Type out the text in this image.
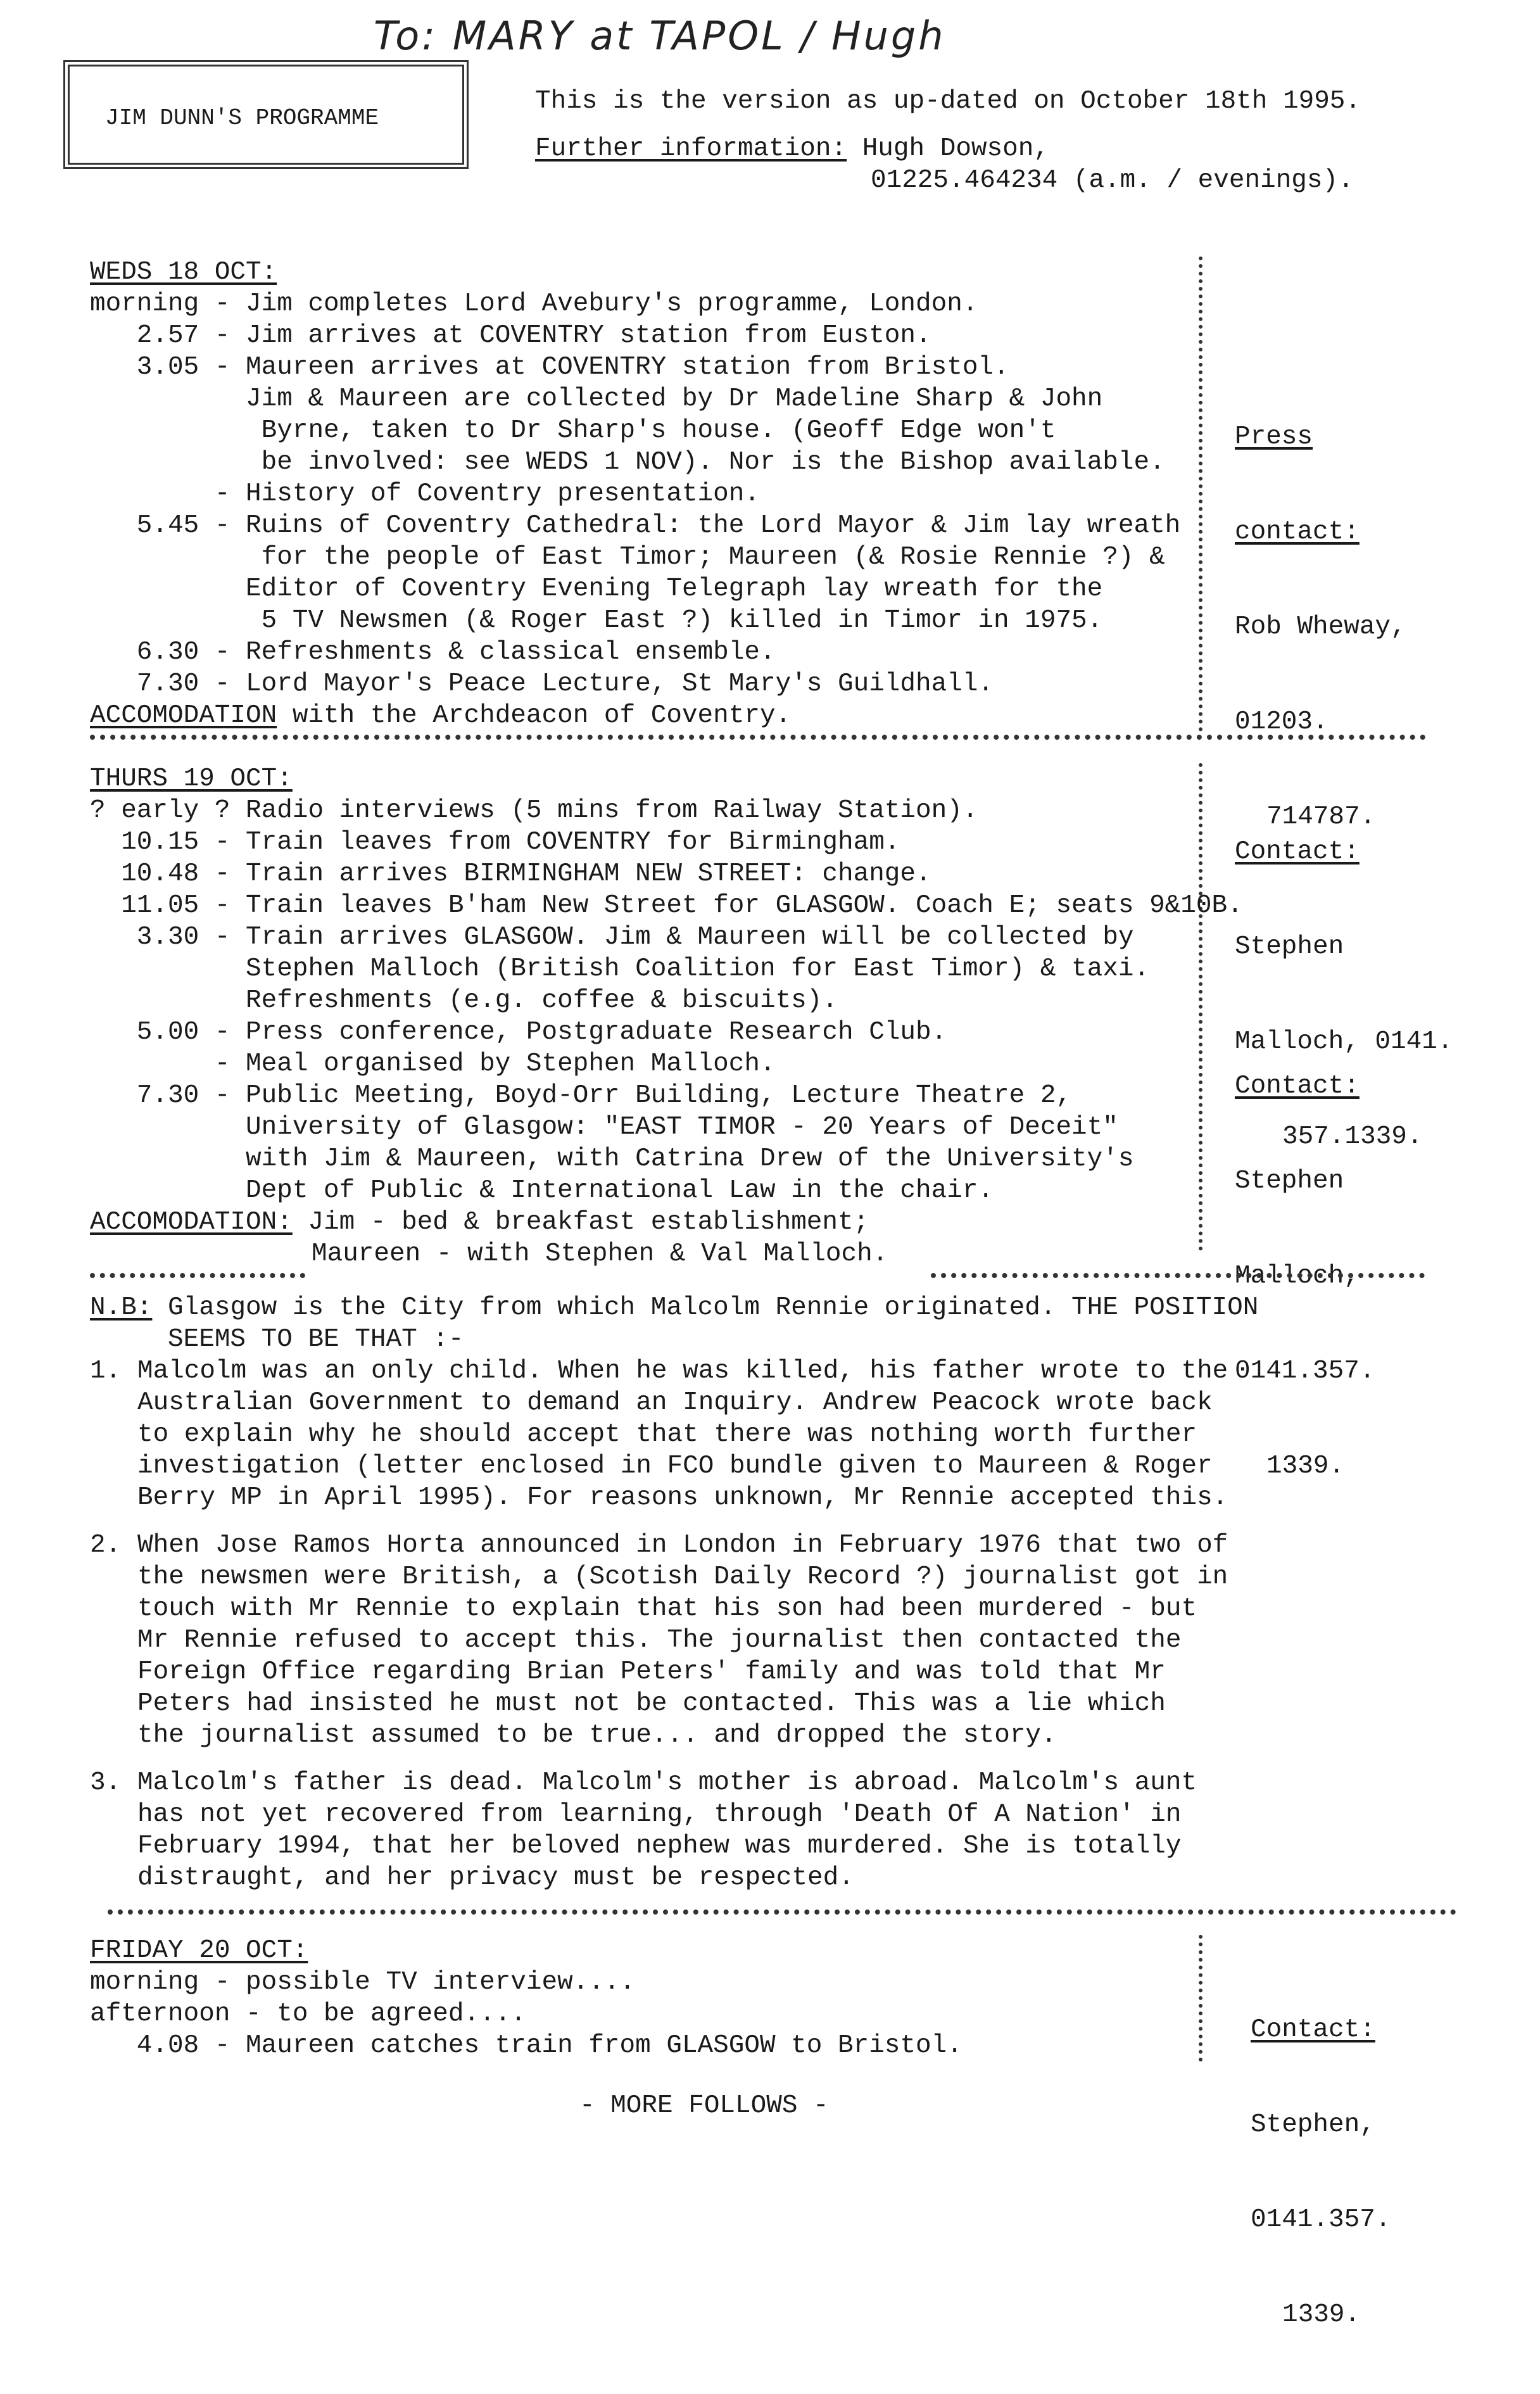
To: MARY at TAPOL / Hugh
JIM DUNN'S PROGRAMME
This is the version as up-dated on October 18th 1995.
Further information: Hugh Dowson,
01225.464234 (a.m. / evenings).
WEDS 18 OCT:
morning - Jim completes Lord Avebury's programme, London.
2.57 - Jim arrives at COVENTRY station from Euston.
3.05 - Maureen arrives at COVENTRY station from Bristol.
Jim & Maureen are collected by Dr Madeline Sharp & John
Byrne, taken to Dr Sharp's house. (Geoff Edge won't
be involved: see WEDS 1 NOV). Nor is the Bishop available.
- History of Coventry presentation.
5.45 - Ruins of Coventry Cathedral: the Lord Mayor & Jim lay wreath
for the people of East Timor; Maureen (& Rosie Rennie ?) &
Editor of Coventry Evening Telegraph lay wreath for the
5 TV Newsmen (& Roger East ?) killed in Timor in 1975.
6.30 - Refreshments & classical ensemble.
7.30 - Lord Mayor's Peace Lecture, St Mary's Guildhall.
ACCOMODATION with the Archdeacon of Coventry.

Press

contact:

Rob Wheway,

01203.

714787.

THURS 19 OCT:
? early ? Radio interviews (5 mins from Railway Station).
10.15 - Train leaves from COVENTRY for Birmingham.
10.48 - Train arrives BIRMINGHAM NEW STREET: change.
11.05 - Train leaves B'ham New Street for GLASGOW. Coach E; seats 9&10B.
3.30 - Train arrives GLASGOW. Jim & Maureen will be collected by
Stephen Malloch (British Coalition for East Timor) & taxi.
Refreshments (e.g. coffee & biscuits).
5.00 - Press conference, Postgraduate Research Club.
- Meal organised by Stephen Malloch.
7.30 - Public Meeting, Boyd-Orr Building, Lecture Theatre 2,
University of Glasgow: "EAST TIMOR - 20 Years of Deceit"
with Jim & Maureen, with Catrina Drew of the University's
Dept of Public & International Law in the chair.
ACCOMODATION: Jim - bed & breakfast establishment;
Maureen - with Stephen & Val Malloch.

Contact:

Stephen

Malloch, 0141.

357.1339.

Contact:

Stephen

Malloch,

0141.357.

1339.

N.B: Glasgow is the City from which Malcolm Rennie originated. THE POSITION
SEEMS TO BE THAT :-
1. Malcolm was an only child. When he was killed, his father wrote to the
Australian Government to demand an Inquiry. Andrew Peacock wrote back
to explain why he should accept that there was nothing worth further
investigation (letter enclosed in FCO bundle given to Maureen & Roger
Berry MP in April 1995). For reasons unknown, Mr Rennie accepted this.
2. When Jose Ramos Horta announced in London in February 1976 that two of
the newsmen were British, a (Scotish Daily Record ?) journalist got in
touch with Mr Rennie to explain that his son had been murdered - but
Mr Rennie refused to accept this. The journalist then contacted the
Foreign Office regarding Brian Peters' family and was told that Mr
Peters had insisted he must not be contacted. This was a lie which
the journalist assumed to be true... and dropped the story.
3. Malcolm's father is dead. Malcolm's mother is abroad. Malcolm's aunt
has not yet recovered from learning, through 'Death Of A Nation' in
February 1994, that her beloved nephew was murdered. She is totally
distraught, and her privacy must be respected.
FRIDAY 20 OCT:
morning - possible TV interview....
afternoon - to be agreed....
4.08 - Maureen catches train from GLASGOW to Bristol.

Contact:

Stephen,

0141.357.

1339.

- MORE FOLLOWS -
